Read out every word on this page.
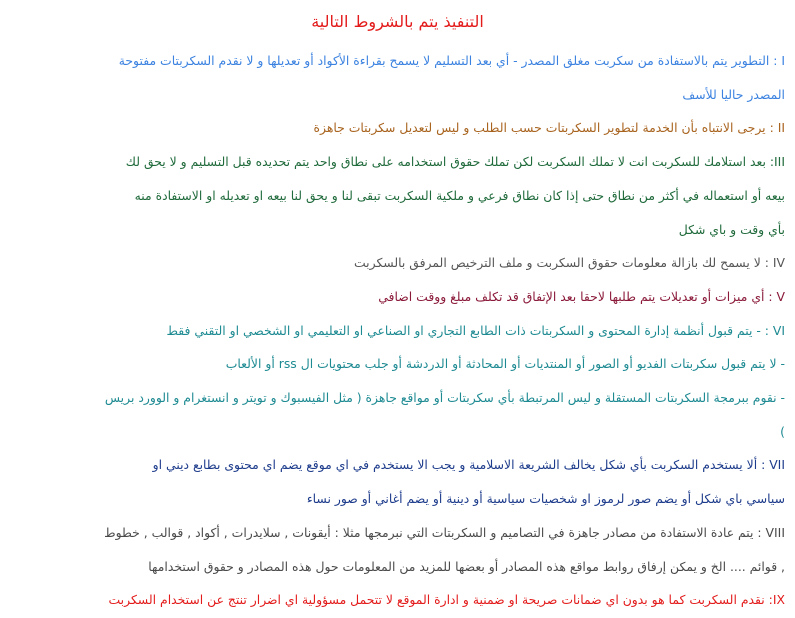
التنفيذ يتم بالشروط التالية
I : التطوير يتم بالاستفادة من سكربت مغلق المصدر - أي بعد التسليم لا يسمح بقراءة الأكواد أو تعديلها و لا نقدم السكربتات مفتوحة
المصدر حاليا للأسف
II : يرجى الانتباه بأن الخدمة لتطوير السكربتات حسب الطلب و ليس لتعديل سكربتات جاهزة
III: بعد استلامك للسكربت انت لا تملك السكربت لكن تملك حقوق استخدامه على نطاق واحد يتم تحديده قبل التسليم و لا يحق لك
بيعه أو استعماله في أكثر من نطاق حتى إذا كان نطاق فرعي و ملكية السكربت تبقى لنا و يحق لنا بيعه او تعديله او الاستفادة منه
بأي وقت و باي شكل
IV : لا يسمح لك بازالة معلومات حقوق السكربت و ملف الترخيص المرفق بالسكربت
V : أي ميزات أو تعديلات يتم طلبها لاحقا بعد الإتفاق قد تكلف مبلغ ووقت اضافي
VI : - يتم قبول أنظمة إدارة المحتوى و السكربتات ذات الطابع التجاري او الصناعي او التعليمي او الشخصي او التقني فقط
- لا يتم قبول سكربتات الفديو أو الصور أو المنتديات أو المحادثة أو الدردشة أو جلب محتويات ال rss أو الألعاب
- نقوم ببرمجة السكربتات المستقلة و ليس المرتبطة بأي سكربتات أو مواقع جاهزة ( مثل الفيسبوك و تويتر و انستغرام و الوورد بريس
)
VII : ألا يستخدم السكربت بأي شكل يخالف الشريعة الاسلامية و يجب الا يستخدم في اي موقع يضم اي محتوى بطابع ديني او
سياسي باي شكل أو يضم صور لرموز او شخصيات سياسية أو دينية أو يضم أغاني أو صور نساء
VIII : يتم عادة الاستفادة من مصادر جاهزة في التصاميم و السكربتات التي نبرمجها مثلا : أيقونات , سلايدرات , أكواد , قوالب , خطوط
, قوائم .... الخ و يمكن إرفاق روابط مواقع هذه المصادر أو بعضها للمزيد من المعلومات حول هذه المصادر و حقوق استخدامها
IX: نقدم السكربت كما هو بدون اي ضمانات صريحة او ضمنية و ادارة الموقع لا تتحمل مسؤولية اي اضرار تنتج عن استخدام السكربت
